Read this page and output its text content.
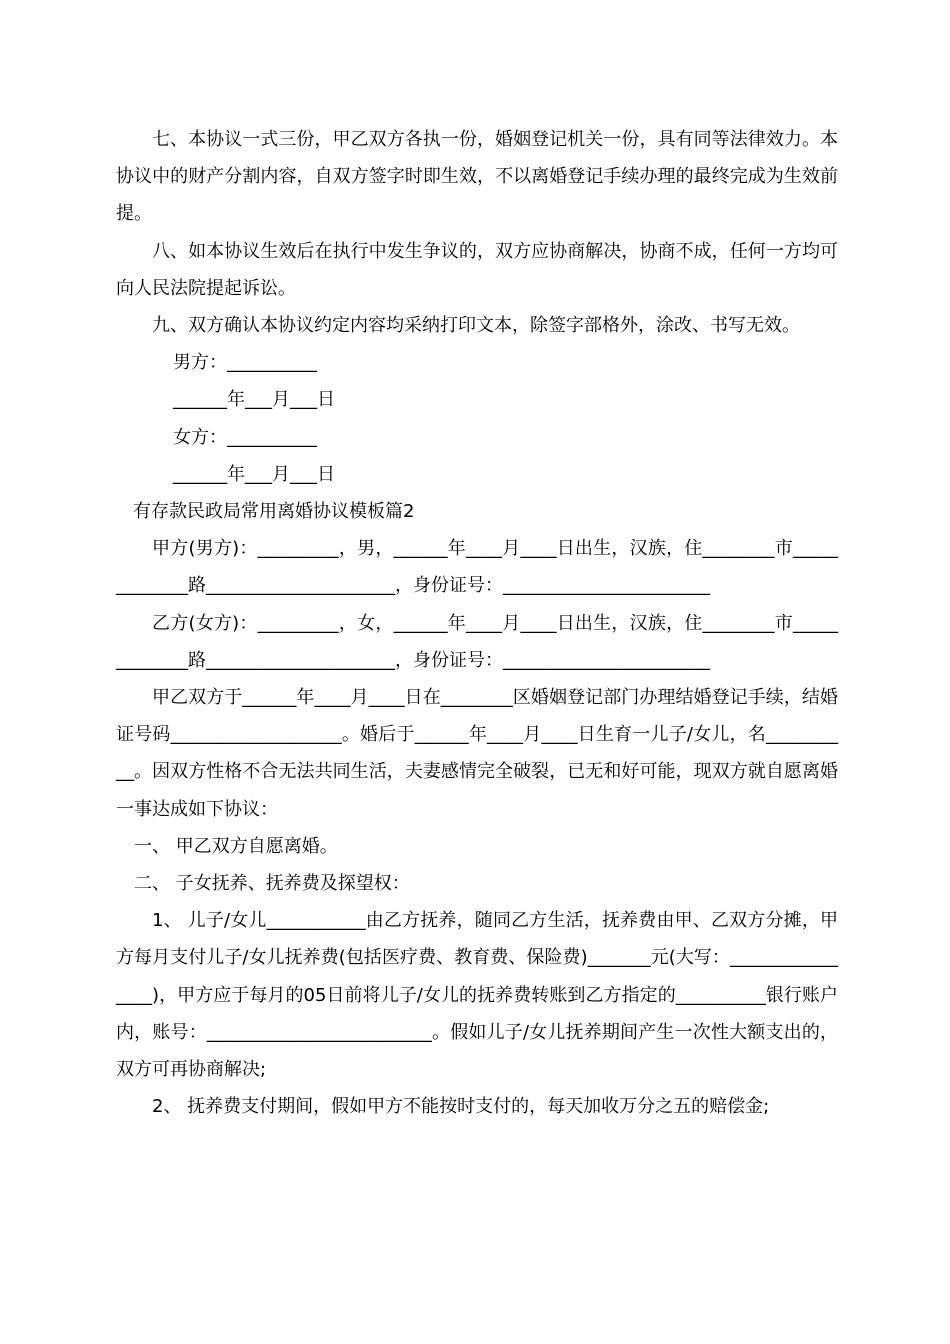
七、本协议一式三份，甲乙双方各执一份，婚姻登记机关一份，具有同等法律效力。本协议中的财产分割内容，自双方签字时即生效，不以离婚登记手续办理的最终完成为生效前提。

八、如本协议生效后在执行中发生争议的，双方应协商解决，协商不成，任何一方均可向人民法院提起诉讼。

九、双方确认本协议约定内容均采纳打印文本，除签字部格外，涂改、书写无效。

男方：__________

______年___月___日

女方：__________

______年___月___日

有存款民政局常用离婚协议模板篇2

甲方(男方)：_________，男，______年____月____日出生，汉族，住________市_____________路_____________________，身份证号：_______________________

乙方(女方)：_________，女，______年____月____日出生，汉族，住________市_____________路_____________________，身份证号：_______________________

甲乙双方于______年____月____日在________区婚姻登记部门办理结婚登记手续，结婚证号码___________________。婚后于______年____月____日生育一儿子/女儿，名__________。因双方性格不合无法共同生活，夫妻感情完全破裂，已无和好可能，现双方就自愿离婚一事达成如下协议：

一、 甲乙双方自愿离婚。

二、 子女抚养、抚养费及探望权：

1、 儿子/女儿___________由乙方抚养，随同乙方生活，抚养费由甲、乙双方分摊，甲方每月支付儿子/女儿抚养费(包括医疗费、教育费、保险费)_______元(大写：________________)，甲方应于每月的05日前将儿子/女儿的抚养费转账到乙方指定的__________银行账户内，账号：_________________________。假如儿子/女儿抚养期间产生一次性大额支出的，双方可再协商解决;

2、 抚养费支付期间，假如甲方不能按时支付的，每天加收万分之五的赔偿金;
